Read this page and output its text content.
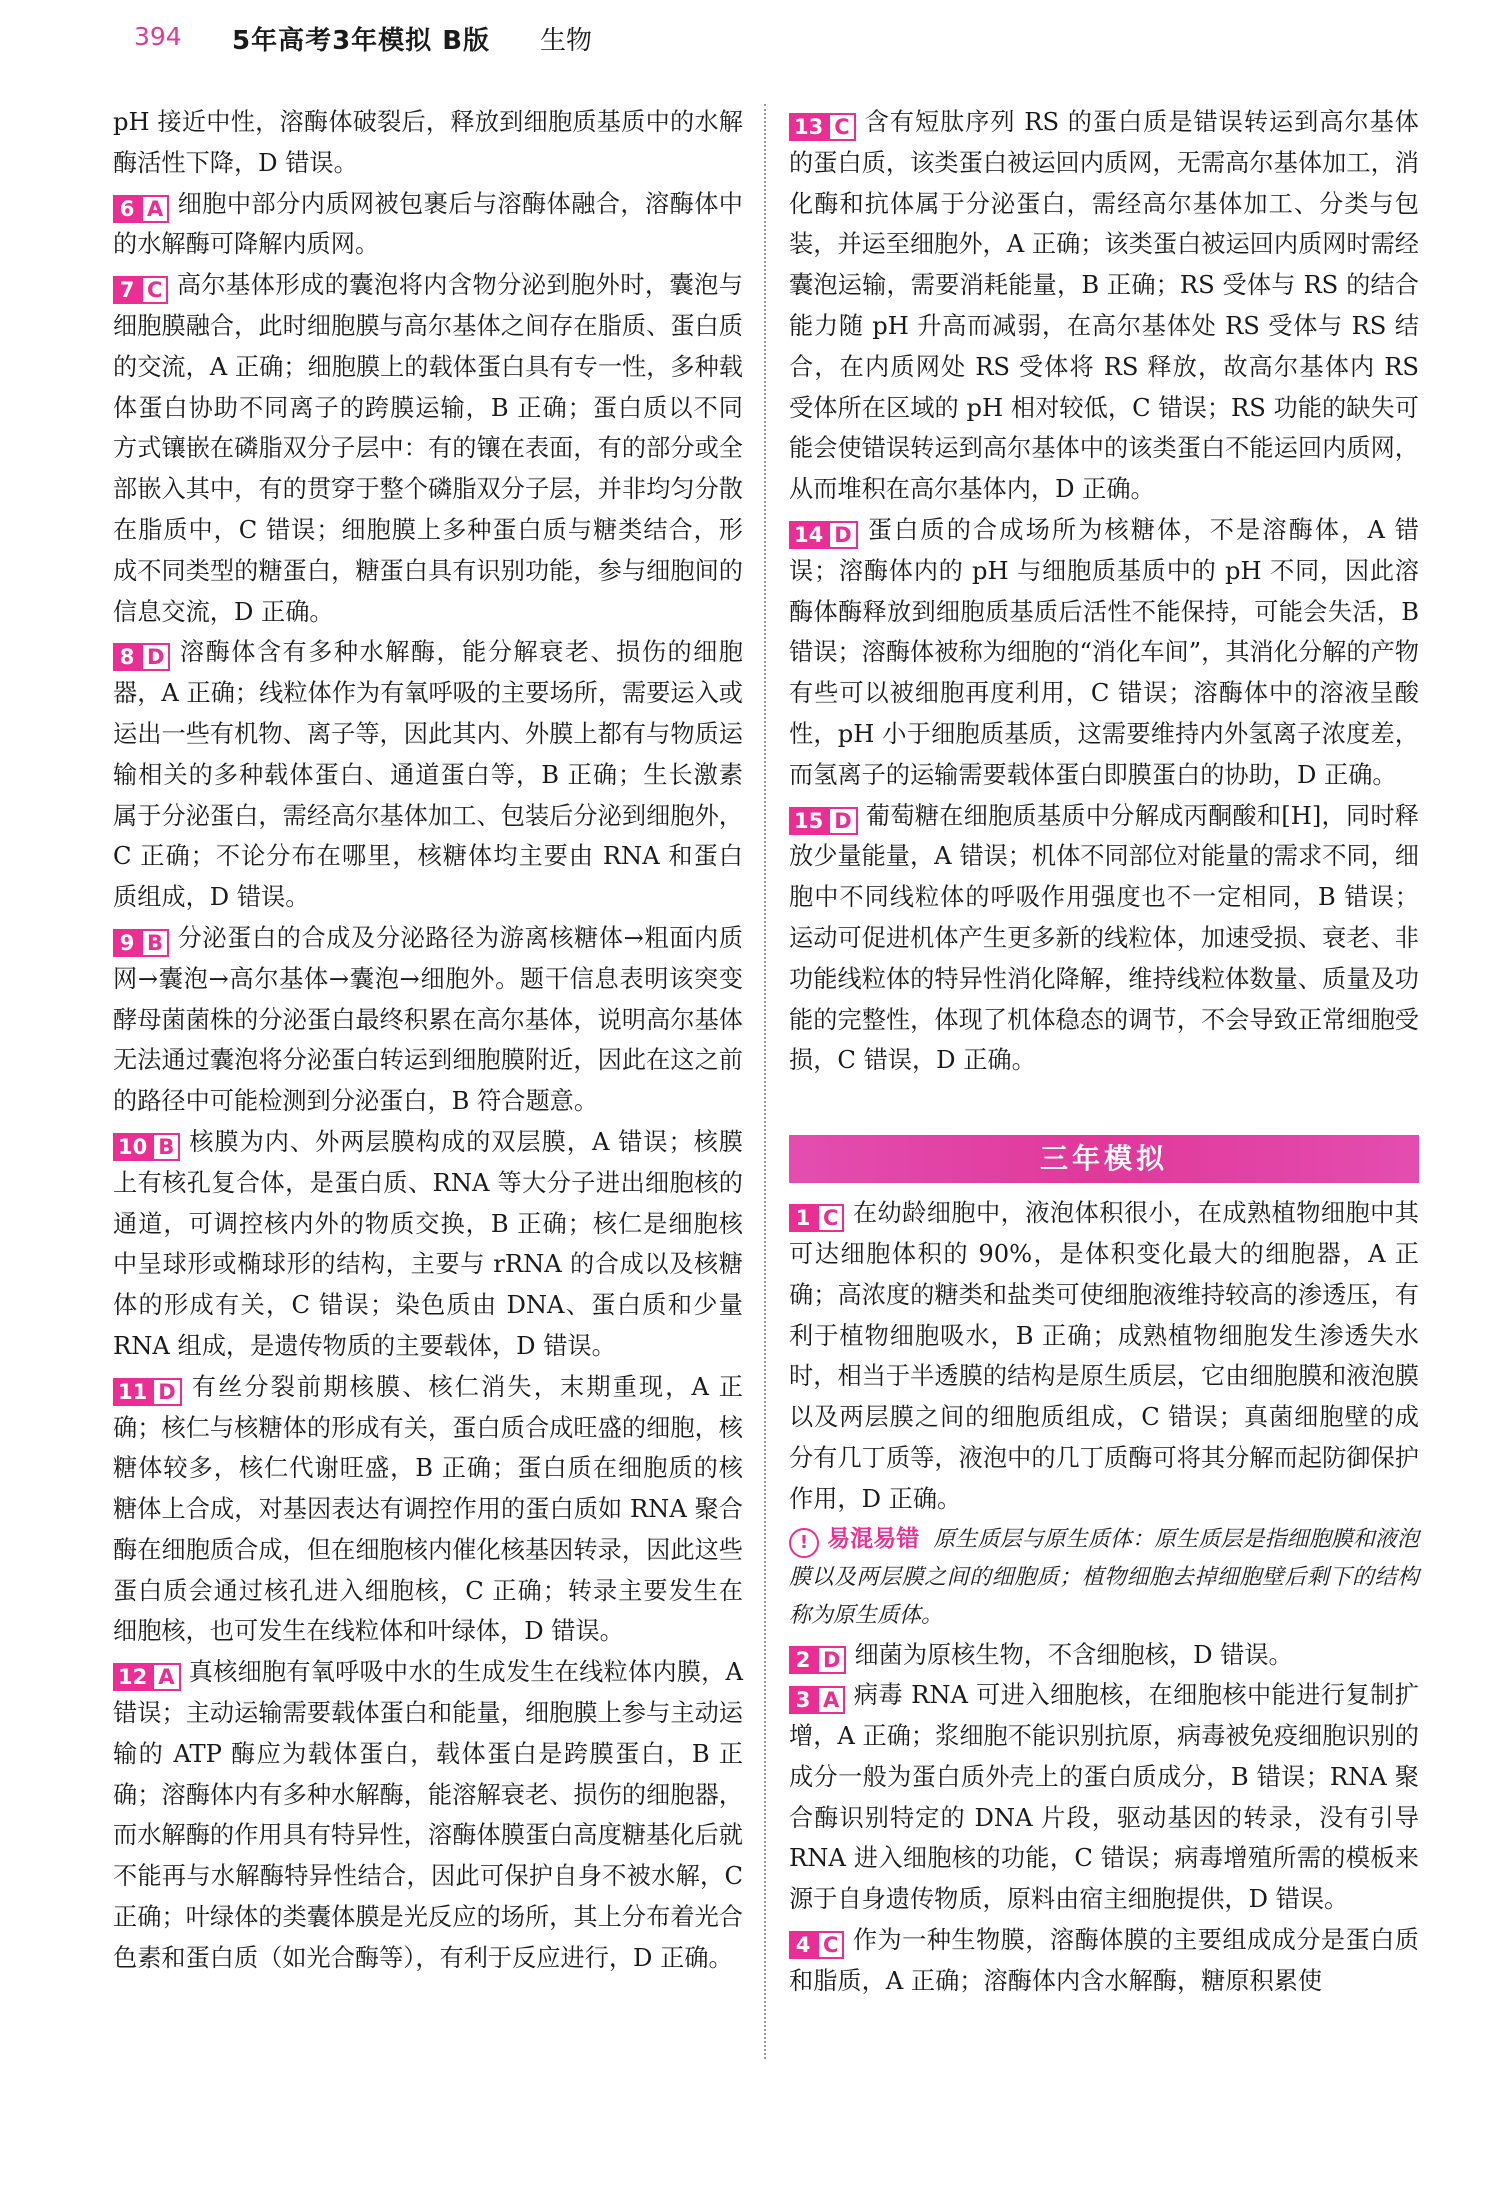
394 5年高考3年模拟 B版 生物

pH 接近中性，溶酶体破裂后，释放到细胞质基质中的水解酶活性下降，D 错误。

6 A 细胞中部分内质网被包裹后与溶酶体融合，溶酶体中的水解酶可降解内质网。

7 C 高尔基体形成的囊泡将内含物分泌到胞外时，囊泡与细胞膜融合，此时细胞膜与高尔基体之间存在脂质、蛋白质的交流，A 正确；细胞膜上的载体蛋白具有专一性，多种载体蛋白协助不同离子的跨膜运输，B 正确；蛋白质以不同方式镶嵌在磷脂双分子层中：有的镶在表面，有的部分或全部嵌入其中，有的贯穿于整个磷脂双分子层，并非均匀分散在脂质中，C 错误；细胞膜上多种蛋白质与糖类结合，形成不同类型的糖蛋白，糖蛋白具有识别功能，参与细胞间的信息交流，D 正确。

8 D 溶酶体含有多种水解酶，能分解衰老、损伤的细胞器，A 正确；线粒体作为有氧呼吸的主要场所，需要运入或运出一些有机物、离子等，因此其内、外膜上都有与物质运输相关的多种载体蛋白、通道蛋白等，B 正确；生长激素属于分泌蛋白，需经高尔基体加工、包装后分泌到细胞外，C 正确；不论分布在哪里，核糖体均主要由 RNA 和蛋白质组成，D 错误。

9 B 分泌蛋白的合成及分泌路径为游离核糖体→粗面内质网→囊泡→高尔基体→囊泡→细胞外。题干信息表明该突变酵母菌菌株的分泌蛋白最终积累在高尔基体，说明高尔基体无法通过囊泡将分泌蛋白转运到细胞膜附近，因此在这之前的路径中可能检测到分泌蛋白，B 符合题意。

10 B 核膜为内、外两层膜构成的双层膜，A 错误；核膜上有核孔复合体，是蛋白质、RNA 等大分子进出细胞核的通道，可调控核内外的物质交换，B 正确；核仁是细胞核中呈球形或椭球形的结构，主要与 rRNA 的合成以及核糖体的形成有关，C 错误；染色质由 DNA、蛋白质和少量 RNA 组成，是遗传物质的主要载体，D 错误。

11 D 有丝分裂前期核膜、核仁消失，末期重现，A 正确；核仁与核糖体的形成有关，蛋白质合成旺盛的细胞，核糖体较多，核仁代谢旺盛，B 正确；蛋白质在细胞质的核糖体上合成，对基因表达有调控作用的蛋白质如 RNA 聚合酶在细胞质合成，但在细胞核内催化核基因转录，因此这些蛋白质会通过核孔进入细胞核，C 正确；转录主要发生在细胞核，也可发生在线粒体和叶绿体，D 错误。

12 A 真核细胞有氧呼吸中水的生成发生在线粒体内膜，A 错误；主动运输需要载体蛋白和能量，细胞膜上参与主动运输的 ATP 酶应为载体蛋白，载体蛋白是跨膜蛋白，B 正确；溶酶体内有多种水解酶，能溶解衰老、损伤的细胞器，而水解酶的作用具有特异性，溶酶体膜蛋白高度糖基化后就不能再与水解酶特异性结合，因此可保护自身不被水解，C 正确；叶绿体的类囊体膜是光反应的场所，其上分布着光合色素和蛋白质（如光合酶等），有利于反应进行，D 正确。

13 C 含有短肽序列 RS 的蛋白质是错误转运到高尔基体的蛋白质，该类蛋白被运回内质网，无需高尔基体加工，消化酶和抗体属于分泌蛋白，需经高尔基体加工、分类与包装，并运至细胞外，A 正确；该类蛋白被运回内质网时需经囊泡运输，需要消耗能量，B 正确；RS 受体与 RS 的结合能力随 pH 升高而减弱，在高尔基体处 RS 受体与 RS 结合，在内质网处 RS 受体将 RS 释放，故高尔基体内 RS 受体所在区域的 pH 相对较低，C 错误；RS 功能的缺失可能会使错误转运到高尔基体中的该类蛋白不能运回内质网，从而堆积在高尔基体内，D 正确。

14 D 蛋白质的合成场所为核糖体，不是溶酶体，A 错误；溶酶体内的 pH 与细胞质基质中的 pH 不同，因此溶酶体酶释放到细胞质基质后活性不能保持，可能会失活，B 错误；溶酶体被称为细胞的“消化车间”，其消化分解的产物有些可以被细胞再度利用，C 错误；溶酶体中的溶液呈酸性，pH 小于细胞质基质，这需要维持内外氢离子浓度差，而氢离子的运输需要载体蛋白即膜蛋白的协助，D 正确。

15 D 葡萄糖在细胞质基质中分解成丙酮酸和[H]，同时释放少量能量，A 错误；机体不同部位对能量的需求不同，细胞中不同线粒体的呼吸作用强度也不一定相同，B 错误；运动可促进机体产生更多新的线粒体，加速受损、衰老、非功能线粒体的特异性消化降解，维持线粒体数量、质量及功能的完整性，体现了机体稳态的调节，不会导致正常细胞受损，C 错误，D 正确。

三年模拟

1 C 在幼龄细胞中，液泡体积很小，在成熟植物细胞中其可达细胞体积的 90%，是体积变化最大的细胞器，A 正确；高浓度的糖类和盐类可使细胞液维持较高的渗透压，有利于植物细胞吸水，B 正确；成熟植物细胞发生渗透失水时，相当于半透膜的结构是原生质层，它由细胞膜和液泡膜以及两层膜之间的细胞质组成，C 错误；真菌细胞壁的成分有几丁质等，液泡中的几丁质酶可将其分解而起防御保护作用，D 正确。

! 易混易错 原生质层与原生质体：原生质层是指细胞膜和液泡膜以及两层膜之间的细胞质；植物细胞去掉细胞壁后剩下的结构称为原生质体。

2 D 细菌为原核生物，不含细胞核，D 错误。

3 A 病毒 RNA 可进入细胞核，在细胞核中能进行复制扩增，A 正确；浆细胞不能识别抗原，病毒被免疫细胞识别的成分一般为蛋白质外壳上的蛋白质成分，B 错误；RNA 聚合酶识别特定的 DNA 片段，驱动基因的转录，没有引导 RNA 进入细胞核的功能，C 错误；病毒增殖所需的模板来源于自身遗传物质，原料由宿主细胞提供，D 错误。

4 C 作为一种生物膜，溶酶体膜的主要组成成分是蛋白质和脂质，A 正确；溶酶体内含水解酶，糖原积累使
